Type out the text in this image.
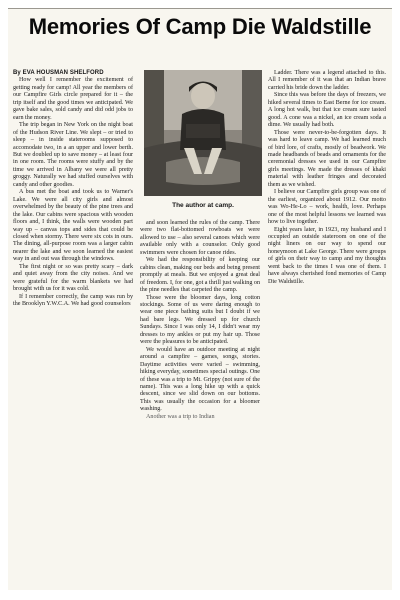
Memories Of Camp Die Waldstille

By EVA HOUSMAN SHELFORD

How well I remember the excitement of getting ready for camp! All year the members of our Campfire Girls circle prepared for it – the trip itself and the good times we anticipated. We gave bake sales, sold candy and did odd jobs to earn the money.

The trip began in New York on the night boat of the Hudson River Line. We slept – or tried to sleep – in inside staterooms supposed to accomodate two, in a an upper and lower berth. But we doubled up to save money – at least four in one room. The rooms were stuffy and by the time we arrived in Albany we were all pretty groggy. Naturally we had stuffed ourselves with candy and other goodies.

A bus met the boat and took us to Warner's Lake. We were all city girls and almost overwhelmed by the beauty of the pine trees and the lake. Our cabins were spacious with wooden floors and, I think, the walls were wooden part way up – canvas tops and sides that could be closed when stormy. There were six cots in ours. The dining, all-purpose room was a larger cabin nearer the lake and we soon learned the easiest way in and out was through the windows.

The first night or so was pretty scary – dark and quiet away from the city noises. And we were grateful for the warm blankets we had brought with us for it was cold.

If I remember correctly, the camp was run by the Brooklyn Y.W.C.A. We had good counselors

The author at camp.

and soon learned the rules of the camp. There were two flat-bottomed rowboats we were allowed to use – also several canoes which were available only with a counselor. Only good swimmers were chosen for canoe rides.

We had the responsibility of keeping our cabins clean, making our beds and being present promptly at meals. But we enjoyed a great deal of freedom. I, for one, got a thrill just walking on the pine needles that carpeted the camp.

Those were the bloomer days, long cotton stockings. Some of us were daring enough to wear one piece bathing suits but I doubt if we had bare legs. We dressed up for church Sundays. Since I was only 14, I didn't wear my dresses to my ankles or put my hair up. Those were the pleasures to be anticipated.

We would have an outdoor meeting at night around a campfire – games, songs, stories. Daytime activities were varied – swimming, hiking everyday, sometimes special outings. One of these was a trip to Mt. Grippy (not sure of the name). This was a long hike up with a quick descent, since we slid down on our bottoms. This was usually the occasion for a bloomer washing.

Another was a trip to Indian

Ladder. There was a legend attached to this. All I remember of it was that an Indian brave carried his bride down the ladder.

Since this was before the days of freezers, we hiked several times to East Berne for ice cream. A long hot walk, but that ice cream sure tasted good. A cone was a nickel, an ice cream soda a dime. We usually had both.

Those were never-to-be-forgotten days. It was hard to leave camp. We had learned much of bird lore, of crafts, mostly of beadwork. We made headbands of beads and ornaments for the ceremonial dresses we used in our Campfire girls meetings. We made the dresses of khaki material with leather fringes and decorated them as we wished.

I believe our Campfire girls group was one of the earliest, organized about 1912. Our motto was Wo-He-Lo – work, health, love. Perhaps one of the most helpful lessons we learned was how to live together.

Eight years later, in 1923, my husband and I occupied an outside stateroom on one of the night liners on our way to spend our honeymoon at Lake George. There were groups of girls on their way to camp and my thoughts went back to the times I was one of them. I have always cherished fond memories of Camp Die Waldstille.
